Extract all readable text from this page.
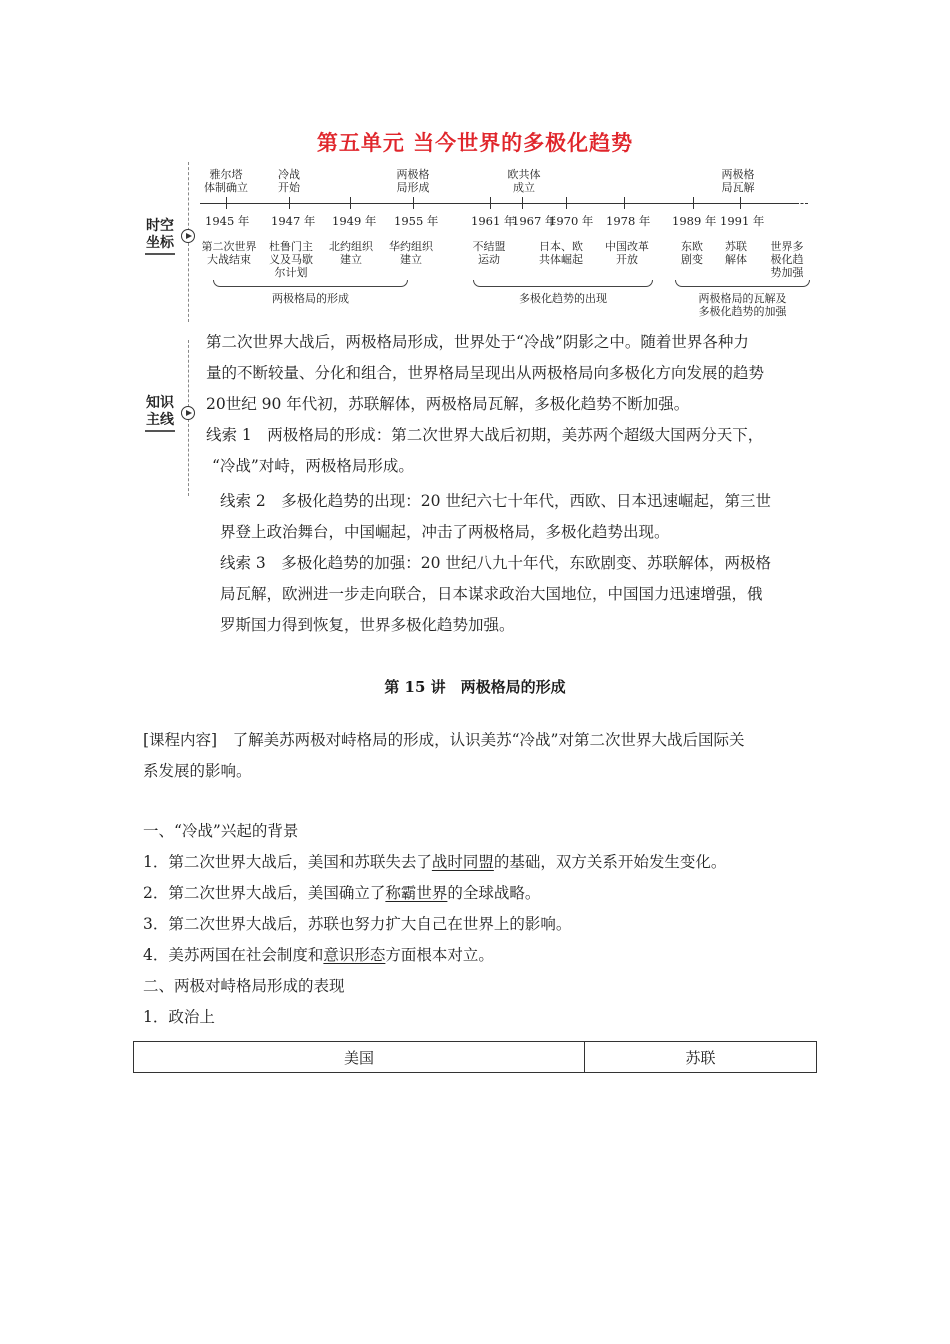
第五单元 当今世界的多极化趋势
时空
坐标
雅尔塔
体制确立
冷战
开始
两极格
局形成
欧共体
成立
两极格
局瓦解
1945 年 1947 年 1949 年 1955 年	1961 年
1967 年
1970 年 1978 年 1989 年 1991 年
第二次世界
大战结束
杜鲁门主
义及马歇
尔计划
北约组织
建立
华约组织
建立
不结盟
运动
日本、欧
共体崛起
中国改革
开放
东欧
剧变
苏联
解体
世界多
极化趋
势加强
两极格局的形成	多极化趋势的出现	两极格局的瓦解及
多极化趋势的加强
知识
主线
第二次世界大战后，两极格局形成，世界处于“冷战”阴影之中。随着世界各种力
量的不断较量、分化和组合，世界格局呈现出从两极格局向多极化方向发展的趋势
20世纪 90 年代初，苏联解体，两极格局瓦解，多极化趋势不断加强。
线索 1　两极格局的形成：第二次世界大战后初期，美苏两个超级大国两分天下，
“冷战”对峙，两极格局形成。
线索 2　多极化趋势的出现：20 世纪六七十年代，西欧、日本迅速崛起，第三世
界登上政治舞台，中国崛起，冲击了两极格局，多极化趋势出现。
线索 3　多极化趋势的加强：20 世纪八九十年代，东欧剧变、苏联解体，两极格
局瓦解，欧洲进一步走向联合，日本谋求政治大国地位，中国国力迅速增强，俄
罗斯国力得到恢复，世界多极化趋势加强。
第 15 讲　两极格局的形成
[课程内容]　了解美苏两极对峙格局的形成，认识美苏“冷战”对第二次世界大战后国际关
系发展的影响。
一、“冷战”兴起的背景
1．第二次世界大战后，美国和苏联失去了战时同盟的基础，双方关系开始发生变化。
2．第二次世界大战后，美国确立了称霸世界的全球战略。
3．第二次世界大战后，苏联也努力扩大自己在世界上的影响。
4．美苏两国在社会制度和意识形态方面根本对立。
二、两极对峙格局形成的表现
1．政治上
美国	苏联
